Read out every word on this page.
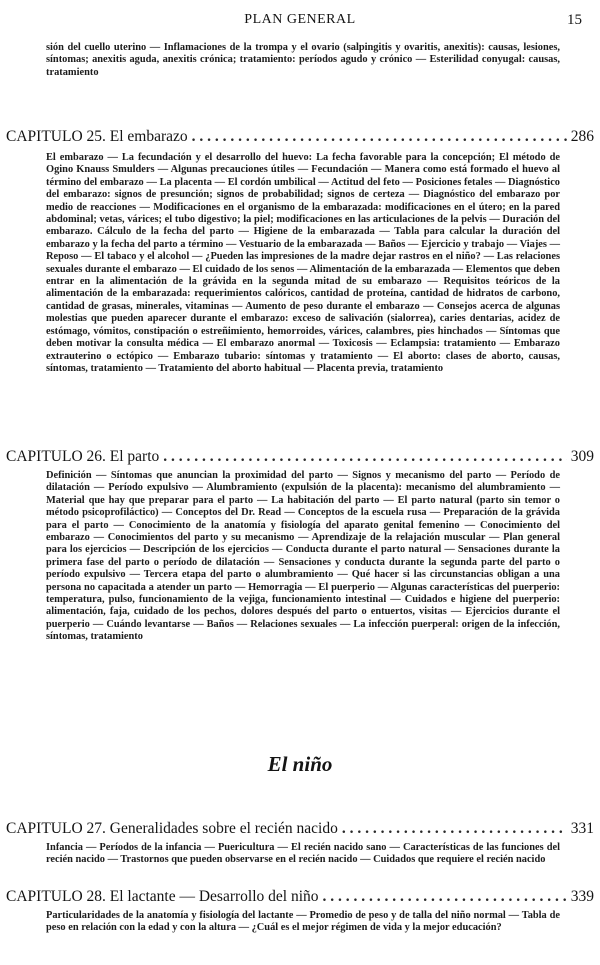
PLAN GENERAL	15
sión del cuello uterino — Inflamaciones de la trompa y el ovario (salpingitis y ovaritis, anexitis): causas, lesiones, síntomas; anexitis aguda, anexitis crónica; tratamiento: períodos agudo y crónico — Esterilidad conyugal: causas, tratamiento
CAPITULO 25. El embarazo . . .	286
El embarazo — La fecundación y el desarrollo del huevo: La fecha favorable para la concepción; El método de Ogino Knauss Smulders — Algunas precauciones útiles — Fecundación — Manera como está formado el huevo al término del embarazo — La placenta — El cordón umbilical — Actitud del feto — Posiciones fetales — Diagnóstico del embarazo: signos de presunción; signos de probabilidad; signos de certeza — Diagnóstico del embarazo por medio de reacciones — Modificaciones en el organismo de la embarazada: modificaciones en el útero; en la pared abdominal; vetas, várices; el tubo digestivo; la piel; modificaciones en las articulaciones de la pelvis — Duración del embarazo. Cálculo de la fecha del parto — Higiene de la embarazada — Tabla para calcular la duración del embarazo y la fecha del parto a término — Vestuario de la embarazada — Baños — Ejercicio y trabajo — Viajes — Reposo — El tabaco y el alcohol — ¿Pueden las impresiones de la madre dejar rastros en el niño? — Las relaciones sexuales durante el embarazo — El cuidado de los senos — Alimentación de la embarazada — Elementos que deben entrar en la alimentación de la grávida en la segunda mitad de su embarazo — Requisitos teóricos de la alimentación de la embarazada: requerimientos calóricos, cantidad de proteína, cantidad de hidratos de carbono, cantidad de grasas, minerales, vitaminas — Aumento de peso durante el embarazo — Consejos acerca de algunas molestias que pueden aparecer durante el embarazo: exceso de salivación (sialorrea), caries dentarias, acidez de estómago, vómitos, constipación o estreñimiento, hemorroides, várices, calambres, pies hinchados — Síntomas que deben motivar la consulta médica — El embarazo anormal — Toxicosis — Eclampsia: tratamiento — Embarazo extrauterino o ectópico — Embarazo tubario: síntomas y tratamiento — El aborto: clases de aborto, causas, síntomas, tratamiento — Tratamiento del aborto habitual — Placenta previa, tratamiento
CAPITULO 26. El parto . . .	309
Definición — Síntomas que anuncian la proximidad del parto — Signos y mecanismo del parto — Período de dilatación — Período expulsivo — Alumbramiento (expulsión de la placenta): mecanismo del alumbramiento — Material que hay que preparar para el parto — La habitación del parto — El parto natural (parto sin temor o método psicoprofiláctico) — Conceptos del Dr. Read — Conceptos de la escuela rusa — Preparación de la grávida para el parto — Conocimiento de la anatomía y fisiología del aparato genital femenino — Conocimiento del embarazo — Conocimientos del parto y su mecanismo — Aprendizaje de la relajación muscular — Plan general para los ejercicios — Descripción de los ejercicios — Conducta durante el parto natural — Sensaciones durante la primera fase del parto o período de dilatación — Sensaciones y conducta durante la segunda parte del parto o período expulsivo — Tercera etapa del parto o alumbramiento — Qué hacer si las circunstancias obligan a una persona no capacitada a atender un parto — Hemorragia — El puerperio — Algunas características del puerperio: temperatura, pulso, funcionamiento de la vejiga, funcionamiento intestinal — Cuidados e higiene del puerperio: alimentación, faja, cuidado de los pechos, dolores después del parto o entuertos, visitas — Ejercicios durante el puerperio — Cuándo levantarse — Baños — Relaciones sexuales — La infección puerperal: origen de la infección, síntomas, tratamiento
El niño
CAPITULO 27. Generalidades sobre el recién nacido . . .	331
Infancia — Períodos de la infancia — Puericultura — El recién nacido sano — Características de las funciones del recién nacido — Trastornos que pueden observarse en el recién nacido — Cuidados que requiere el recién nacido
CAPITULO 28. El lactante — Desarrollo del niño . . .	339
Particularidades de la anatomía y fisiología del lactante — Promedio de peso y de talla del niño normal — Tabla de peso en relación con la edad y con la altura — ¿Cuál es el mejor régimen de vida y la mejor educación?
